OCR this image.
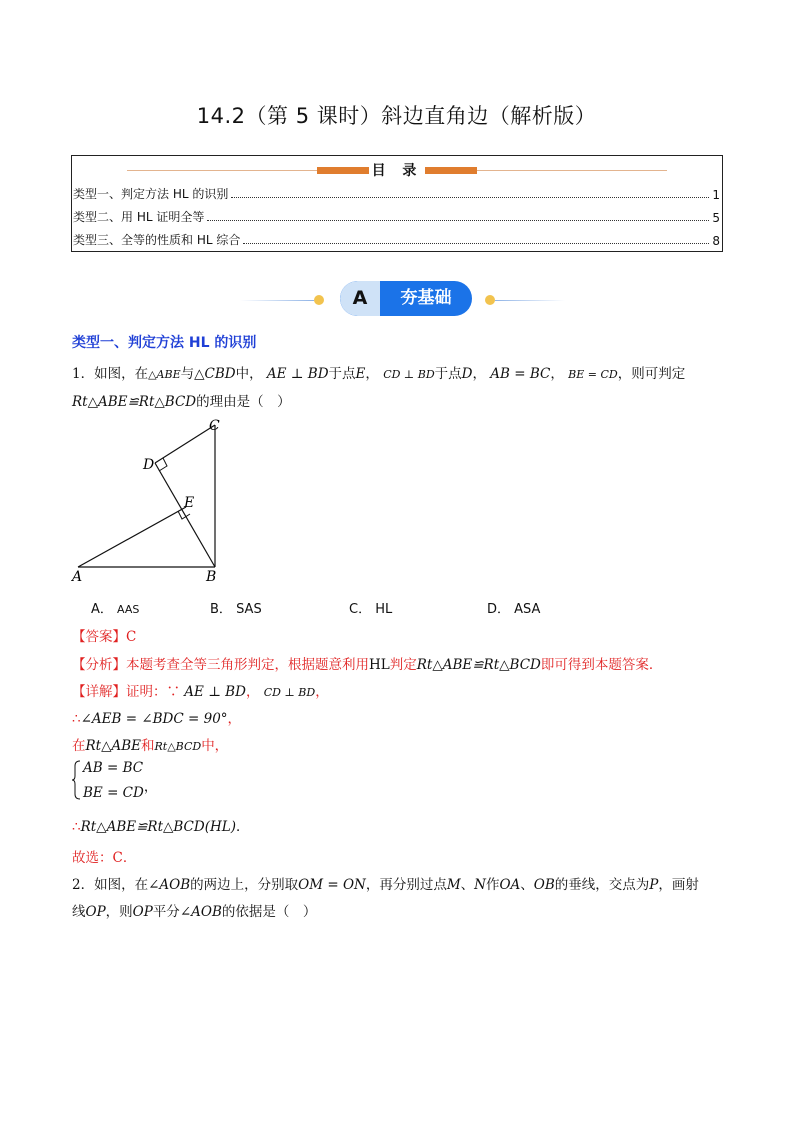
14.2（第 5 课时）斜边直角边（解析版）
目 录
类型一、判定方法 HL 的识别	1
类型二、用 HL 证明全等	5
类型三、全等的性质和 HL 综合	8
A	夯基础
类型一、判定方法 HL 的识别
1．如图，在△ABE与△CBD中， AE ⊥ BD于点E， CD ⊥ BD于点D， AB = BC， BE = CD，则可判定
Rt△ABE≌Rt△BCD的理由是（　）
C
D
E
A	B
A． AAS	B． SAS	C． HL	D． ASA
【答案】C
【分析】本题考查全等三角形判定，根据题意利用HL判定Rt△ABE≌Rt△BCD即可得到本题答案．
【详解】证明：∵ AE ⊥ BD， CD ⊥ BD，
∴∠AEB = ∠BDC = 90°，
在Rt△ABE和Rt△BCD中，
AB = BC
BE = CD，
∴Rt△ABE≌Rt△BCD(HL)．
故选：C．
2．如图，在∠AOB的两边上，分别取OM = ON，再分别过点M、N作OA、OB的垂线，交点为P，画射
线OP，则OP平分∠AOB的依据是（　）
